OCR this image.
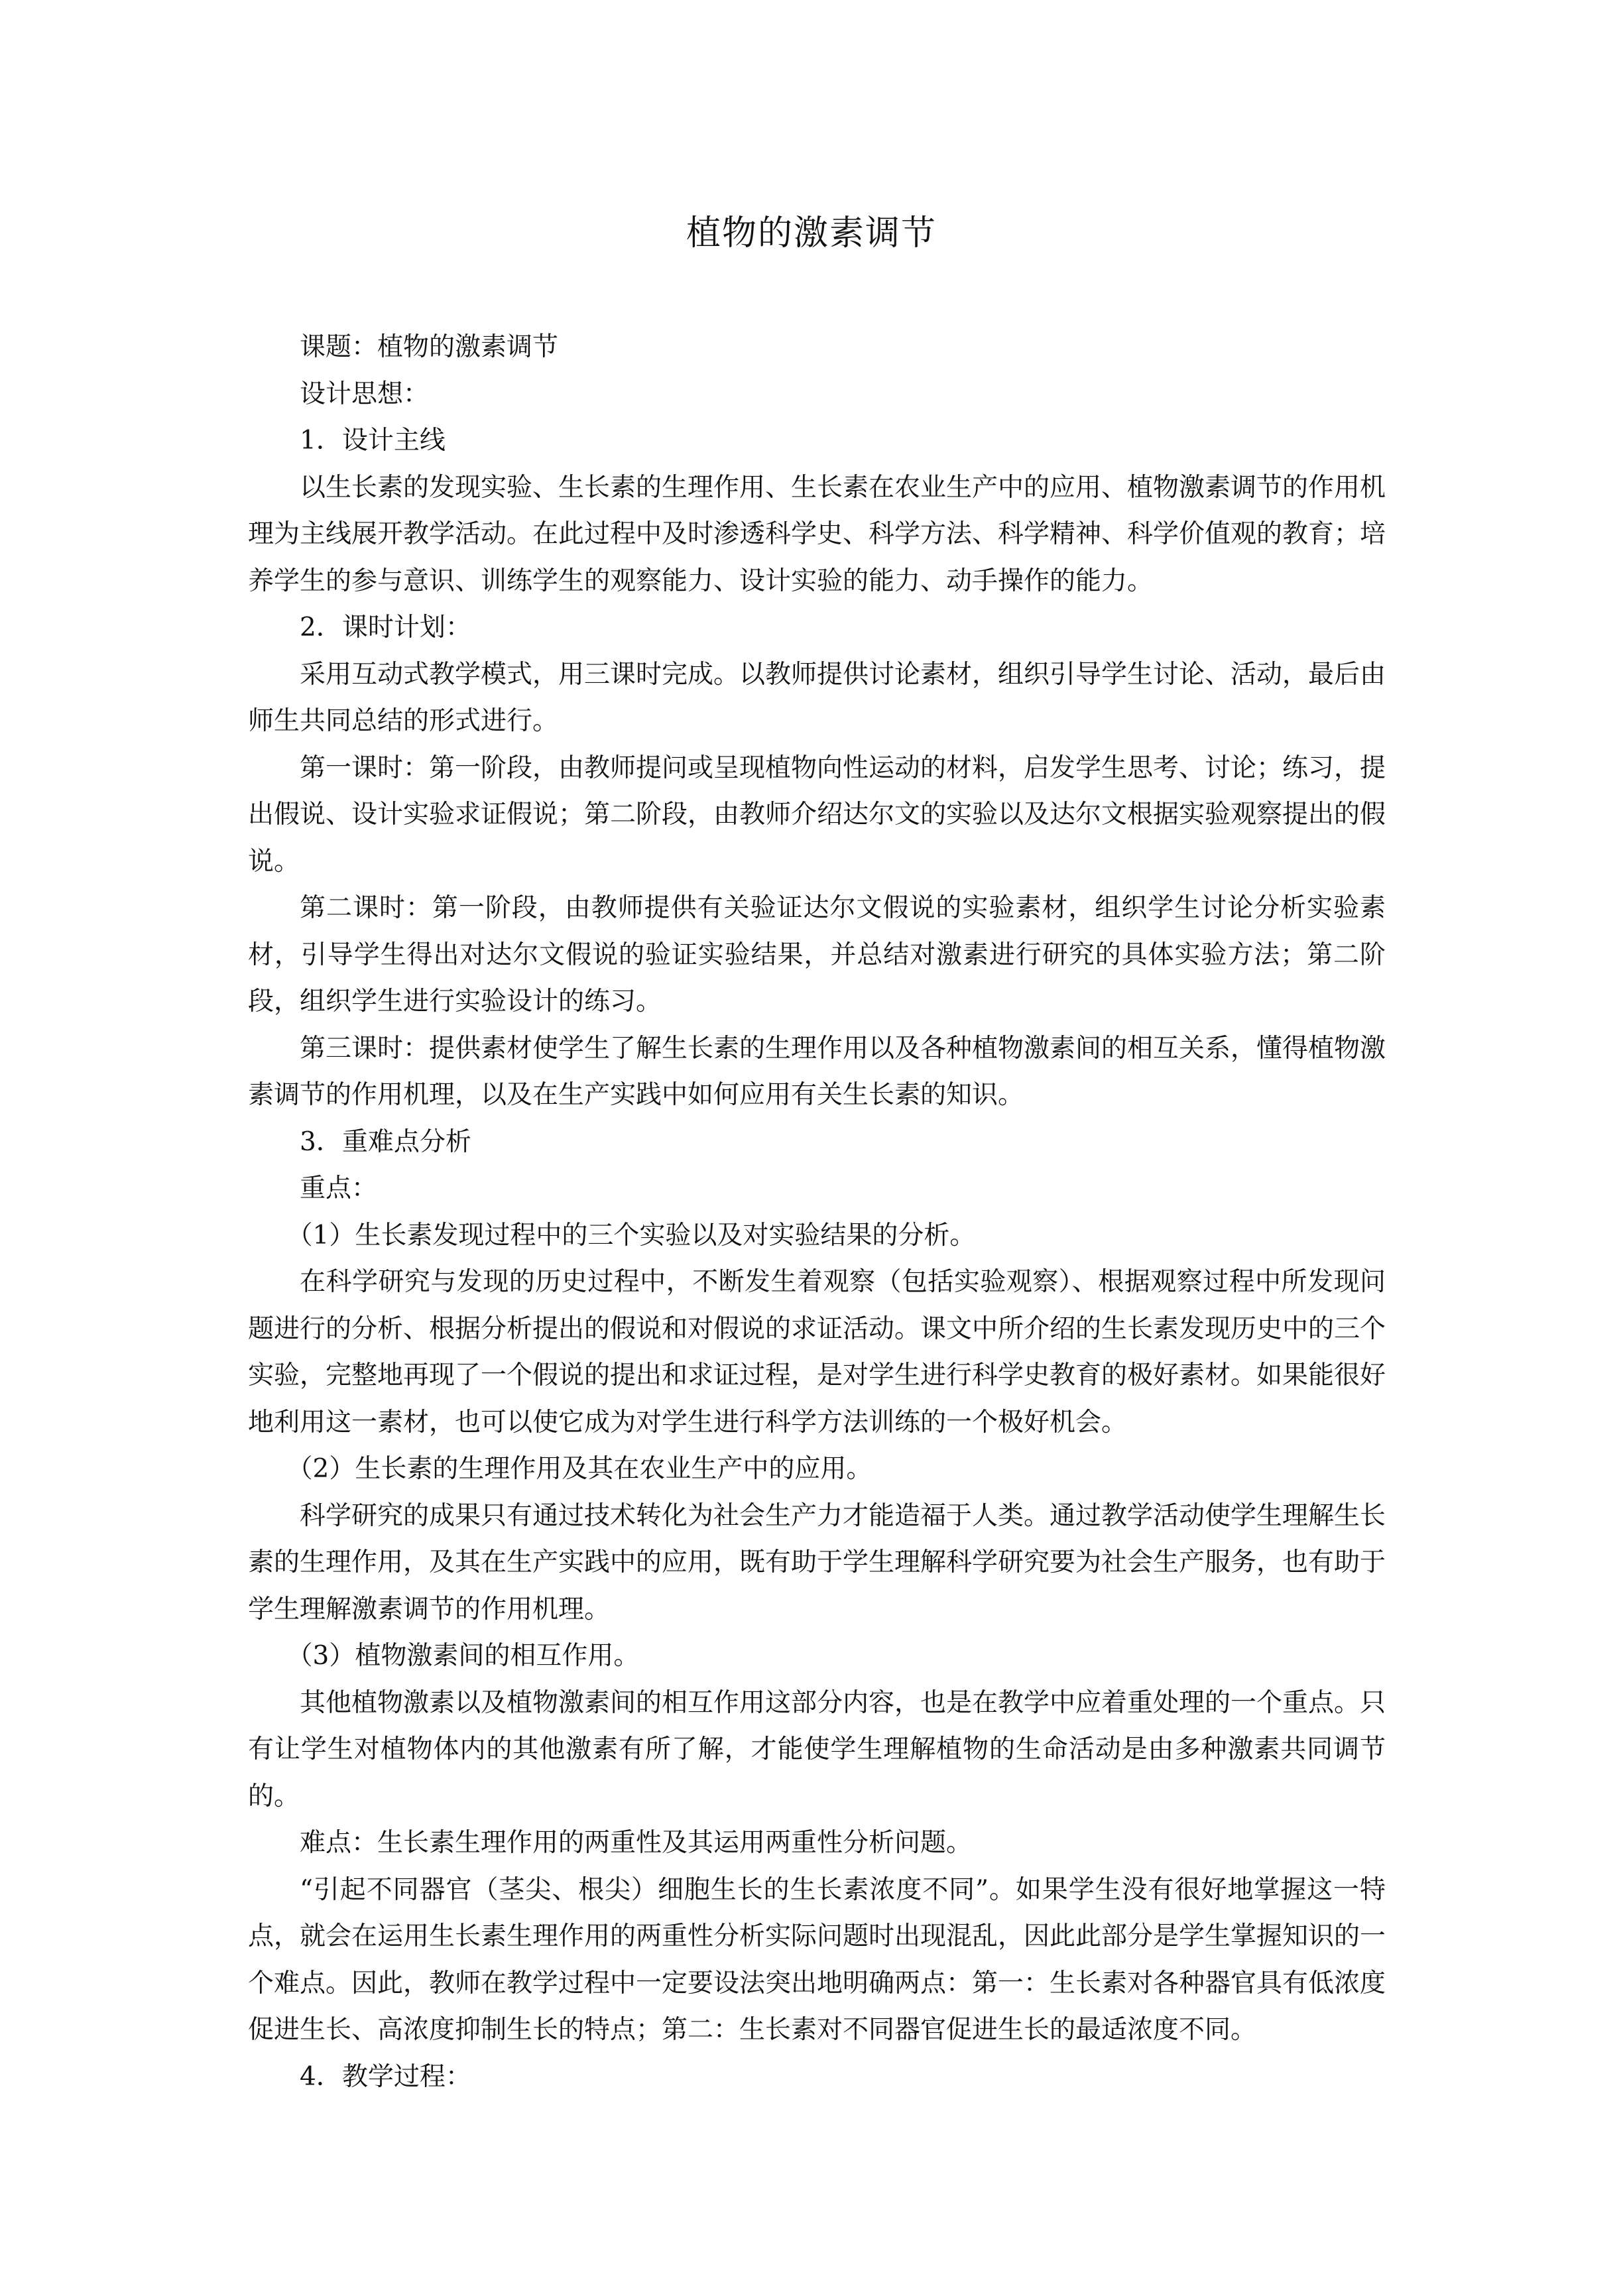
植物的激素调节

课题：植物的激素调节

设计思想：

1．设计主线

以生长素的发现实验、生长素的生理作用、生长素在农业生产中的应用、植物激素调节的作用机理为主线展开教学活动。在此过程中及时渗透科学史、科学方法、科学精神、科学价值观的教育；培养学生的参与意识、训练学生的观察能力、设计实验的能力、动手操作的能力。

2．课时计划：

采用互动式教学模式，用三课时完成。以教师提供讨论素材，组织引导学生讨论、活动，最后由师生共同总结的形式进行。

第一课时：第一阶段，由教师提问或呈现植物向性运动的材料，启发学生思考、讨论；练习，提出假说、设计实验求证假说；第二阶段，由教师介绍达尔文的实验以及达尔文根据实验观察提出的假说。

第二课时：第一阶段，由教师提供有关验证达尔文假说的实验素材，组织学生讨论分析实验素材，引导学生得出对达尔文假说的验证实验结果，并总结对激素进行研究的具体实验方法；第二阶段，组织学生进行实验设计的练习。

第三课时：提供素材使学生了解生长素的生理作用以及各种植物激素间的相互关系，懂得植物激素调节的作用机理，以及在生产实践中如何应用有关生长素的知识。

3．重难点分析

重点：

（1）生长素发现过程中的三个实验以及对实验结果的分析。

在科学研究与发现的历史过程中，不断发生着观察（包括实验观察）、根据观察过程中所发现问题进行的分析、根据分析提出的假说和对假说的求证活动。课文中所介绍的生长素发现历史中的三个实验，完整地再现了一个假说的提出和求证过程，是对学生进行科学史教育的极好素材。如果能很好地利用这一素材，也可以使它成为对学生进行科学方法训练的一个极好机会。

（2）生长素的生理作用及其在农业生产中的应用。

科学研究的成果只有通过技术转化为社会生产力才能造福于人类。通过教学活动使学生理解生长素的生理作用，及其在生产实践中的应用，既有助于学生理解科学研究要为社会生产服务，也有助于学生理解激素调节的作用机理。

（3）植物激素间的相互作用。

其他植物激素以及植物激素间的相互作用这部分内容，也是在教学中应着重处理的一个重点。只有让学生对植物体内的其他激素有所了解，才能使学生理解植物的生命活动是由多种激素共同调节的。

难点：生长素生理作用的两重性及其运用两重性分析问题。

“引起不同器官（茎尖、根尖）细胞生长的生长素浓度不同”。如果学生没有很好地掌握这一特点，就会在运用生长素生理作用的两重性分析实际问题时出现混乱，因此此部分是学生掌握知识的一个难点。因此，教师在教学过程中一定要设法突出地明确两点：第一：生长素对各种器官具有低浓度促进生长、高浓度抑制生长的特点；第二：生长素对不同器官促进生长的最适浓度不同。

4．教学过程：
